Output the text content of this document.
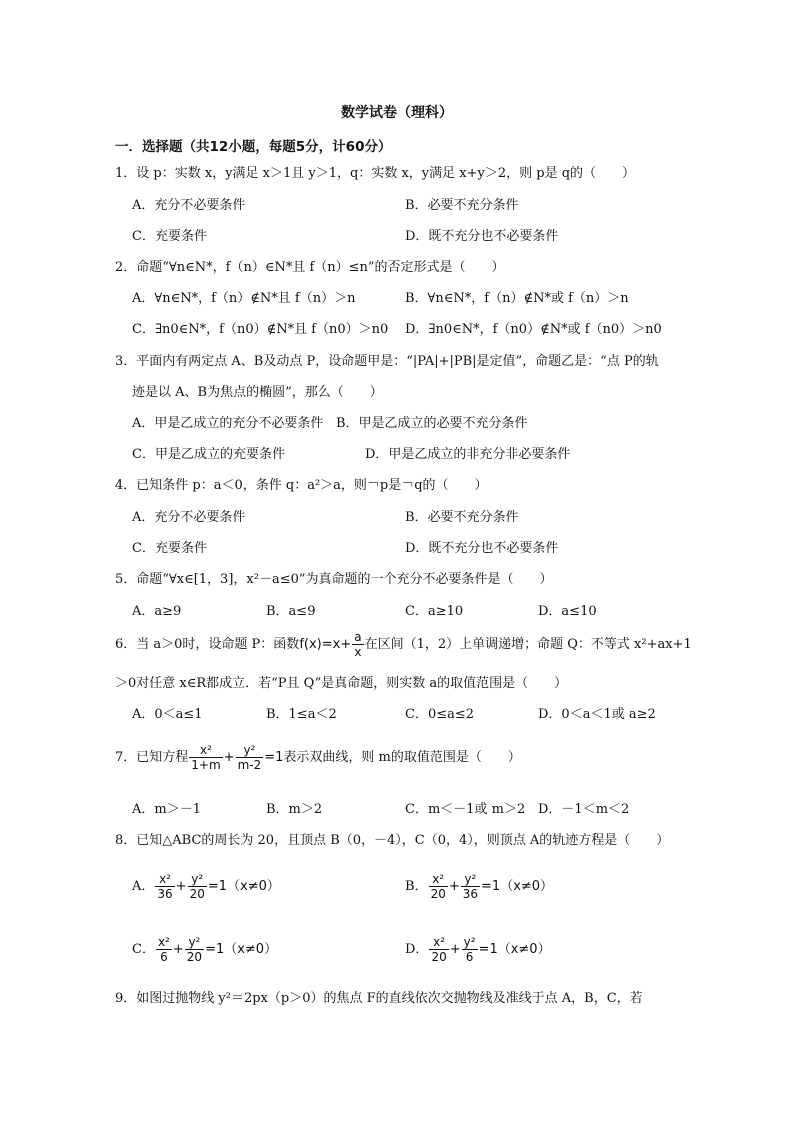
数学试卷（理科）
一．选择题（共12小题，每题5分，计60分）
1．设 p：实数 x，y满足 x＞1且 y＞1，q：实数 x，y满足 x+y＞2，则 p是 q的（　　）
A．充分不必要条件	B．必要不充分条件
C．充要条件	D．既不充分也不必要条件
2．命题“∀n∈N*，f（n）∈N*且 f（n）≤n”的否定形式是（　　）
A．∀n∈N*，f（n）∉N*且 f（n）＞n	B．∀n∈N*，f（n）∉N*或 f（n）＞n
C．∃n0∈N*，f（n0）∉N*且 f（n0）＞n0 D．∃n0∈N*，f（n0）∉N*或 f（n0）＞n0
3．平面内有两定点 A、B及动点 P，设命题甲是：“|PA|+|PB|是定值”，命题乙是：“点 P的轨
迹是以 A、B为焦点的椭圆”，那么（　　）
A．甲是乙成立的充分不必要条件 B．甲是乙成立的必要不充分条件
C．甲是乙成立的充要条件	D．甲是乙成立的非充分非必要条件
4．已知条件 p：a＜0，条件 q：a²＞a，则￢p是￢q的（　　）
A．充分不必要条件	B．必要不充分条件
C．充要条件	D．既不充分也不必要条件
5．命题“∀x∈[1，3]，x²－a≤0”为真命题的一个充分不必要条件是（　　）
A．a≥9	B．a≤9	C．a≥10	D．a≤10
6．当 a＞0时，设命题 P：函数$f(x)=x+ \frac{a}{x}$ 在区间（1，2）上单调递增；命题 Q：不等式 x²+ax+1
＞0对任意 x∈R都成立．若“P且 Q”是真命题，则实数 a的取值范围是（　　）
A．0＜a≤1	B．1≤a＜2	C．0≤a≤2	D．0＜a＜1或 a≥2
7．已知方程 $\frac{\text{x²}}{1+m} + \frac{\text{y²}}{m-2} =1$表示双曲线，则 m的取值范围是（　　）
A．m＞－1	B．m＞2	C．m＜－1或 m＞2 D．－1＜m＜2
8．已知△ABC的周长为 20，且顶点 B（0，－4），C（0，4），则顶点 A的轨迹方程是（　　）
A． $\frac{\text{x²}}{36} + \frac{\text{y²}}{20} =1(x\ne 0)$	B． $\frac{\text{x²}}{20} + \frac{\text{y²}}{36} =1(x\ne 0)$
C． $\frac{\text{x²}}{6} + \frac{\text{y²}}{20} =1(x\ne 0)$	D． $\frac{\text{x²}}{20} + \frac{\text{y²}}{6} =1(x\ne 0)$
9．如图过抛物线 y²＝2px（p＞0）的焦点 F的直线依次交抛物线及准线于点 A，B，C，若
